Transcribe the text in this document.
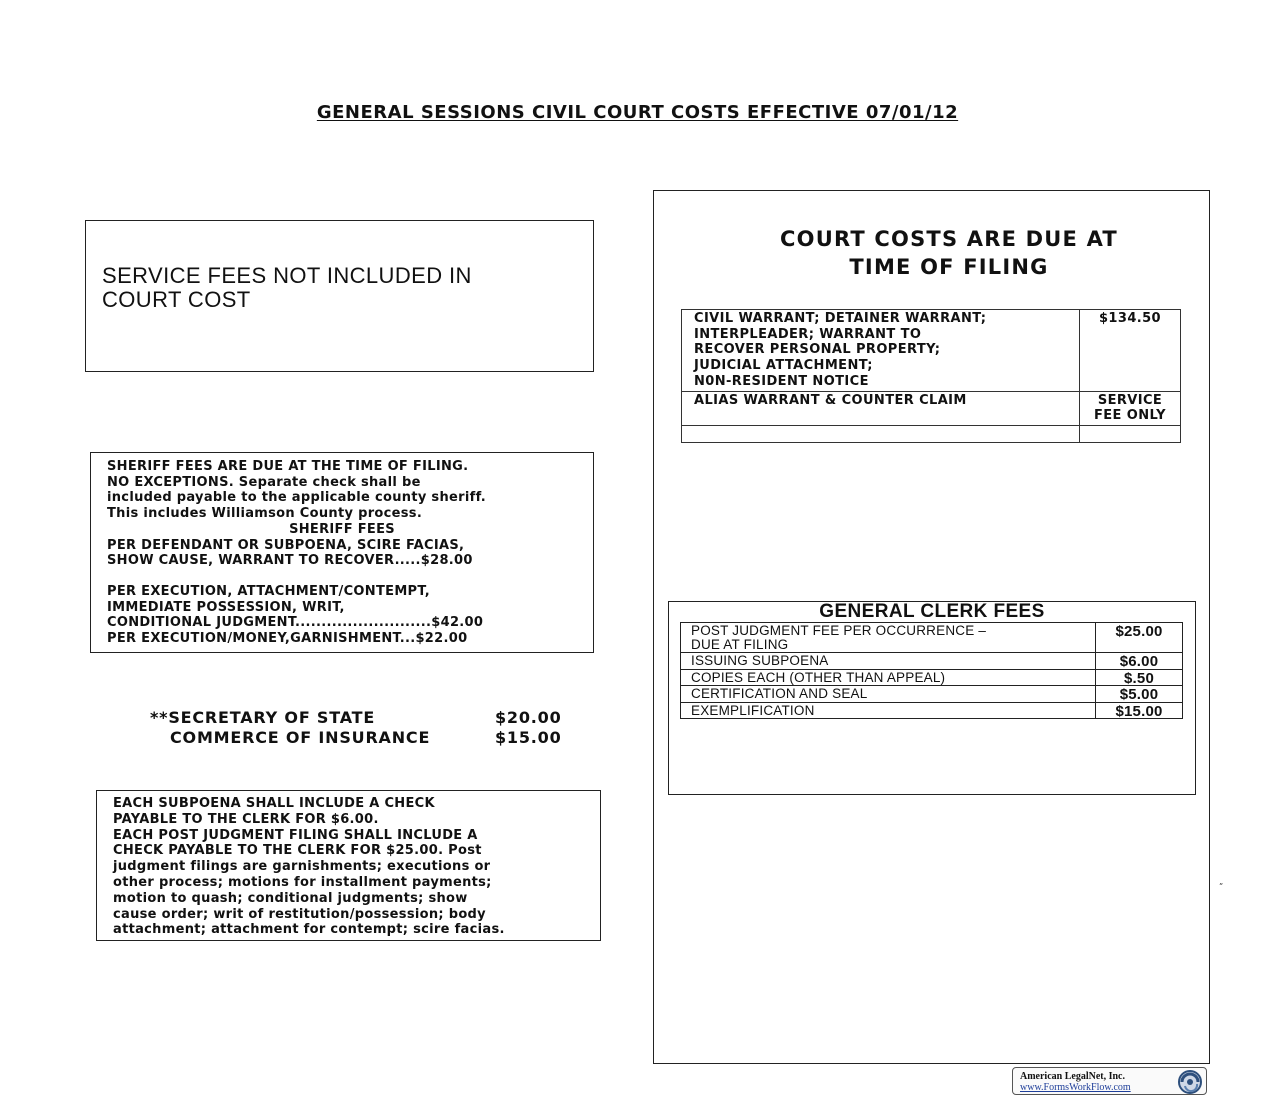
GENERAL SESSIONS CIVIL COURT COSTS EFFECTIVE 07/01/12
SERVICE FEES NOT INCLUDED IN
COURT COST
SHERIFF FEES ARE DUE AT THE TIME OF FILING.
NO EXCEPTIONS. Separate check shall be
included payable to the applicable county sheriff.
This includes Williamson County process.
SHERIFF FEES
PER DEFENDANT OR SUBPOENA, SCIRE FACIAS,
SHOW CAUSE, WARRANT TO RECOVER.....$28.00
PER EXECUTION, ATTACHMENT/CONTEMPT,
IMMEDIATE POSSESSION, WRIT,
CONDITIONAL JUDGMENT..........................$42.00
PER EXECUTION/MONEY,GARNISHMENT...$22.00
**SECRETARY OF STATE	$20.00
COMMERCE OF INSURANCE	$15.00
EACH SUBPOENA SHALL INCLUDE A CHECK
PAYABLE TO THE CLERK FOR $6.00.
EACH POST JUDGMENT FILING SHALL INCLUDE A
CHECK PAYABLE TO THE CLERK FOR $25.00. Post
judgment filings are garnishments; executions or
other process; motions for installment payments;
motion to quash; conditional judgments; show
cause order; writ of restitution/possession; body
attachment; attachment for contempt; scire facias.
COURT COSTS ARE DUE AT
TIME OF FILING
CIVIL WARRANT; DETAINER WARRANT;
INTERPLEADER; WARRANT TO
RECOVER PERSONAL PROPERTY;
JUDICIAL ATTACHMENT;
N0N-RESIDENT NOTICE	$134.50
ALIAS WARRANT & COUNTER CLAIM	SERVICE
FEE ONLY

GENERAL CLERK FEES
POST JUDGMENT FEE PER OCCURRENCE –
DUE AT FILING	$25.00
ISSUING SUBPOENA	$6.00
COPIES EACH (OTHER THAN APPEAL)	$.50
CERTIFICATION AND SEAL	$5.00
EXEMPLIFICATION	$15.00
„
American LegalNet, Inc.
www.FormsWorkFlow.com
